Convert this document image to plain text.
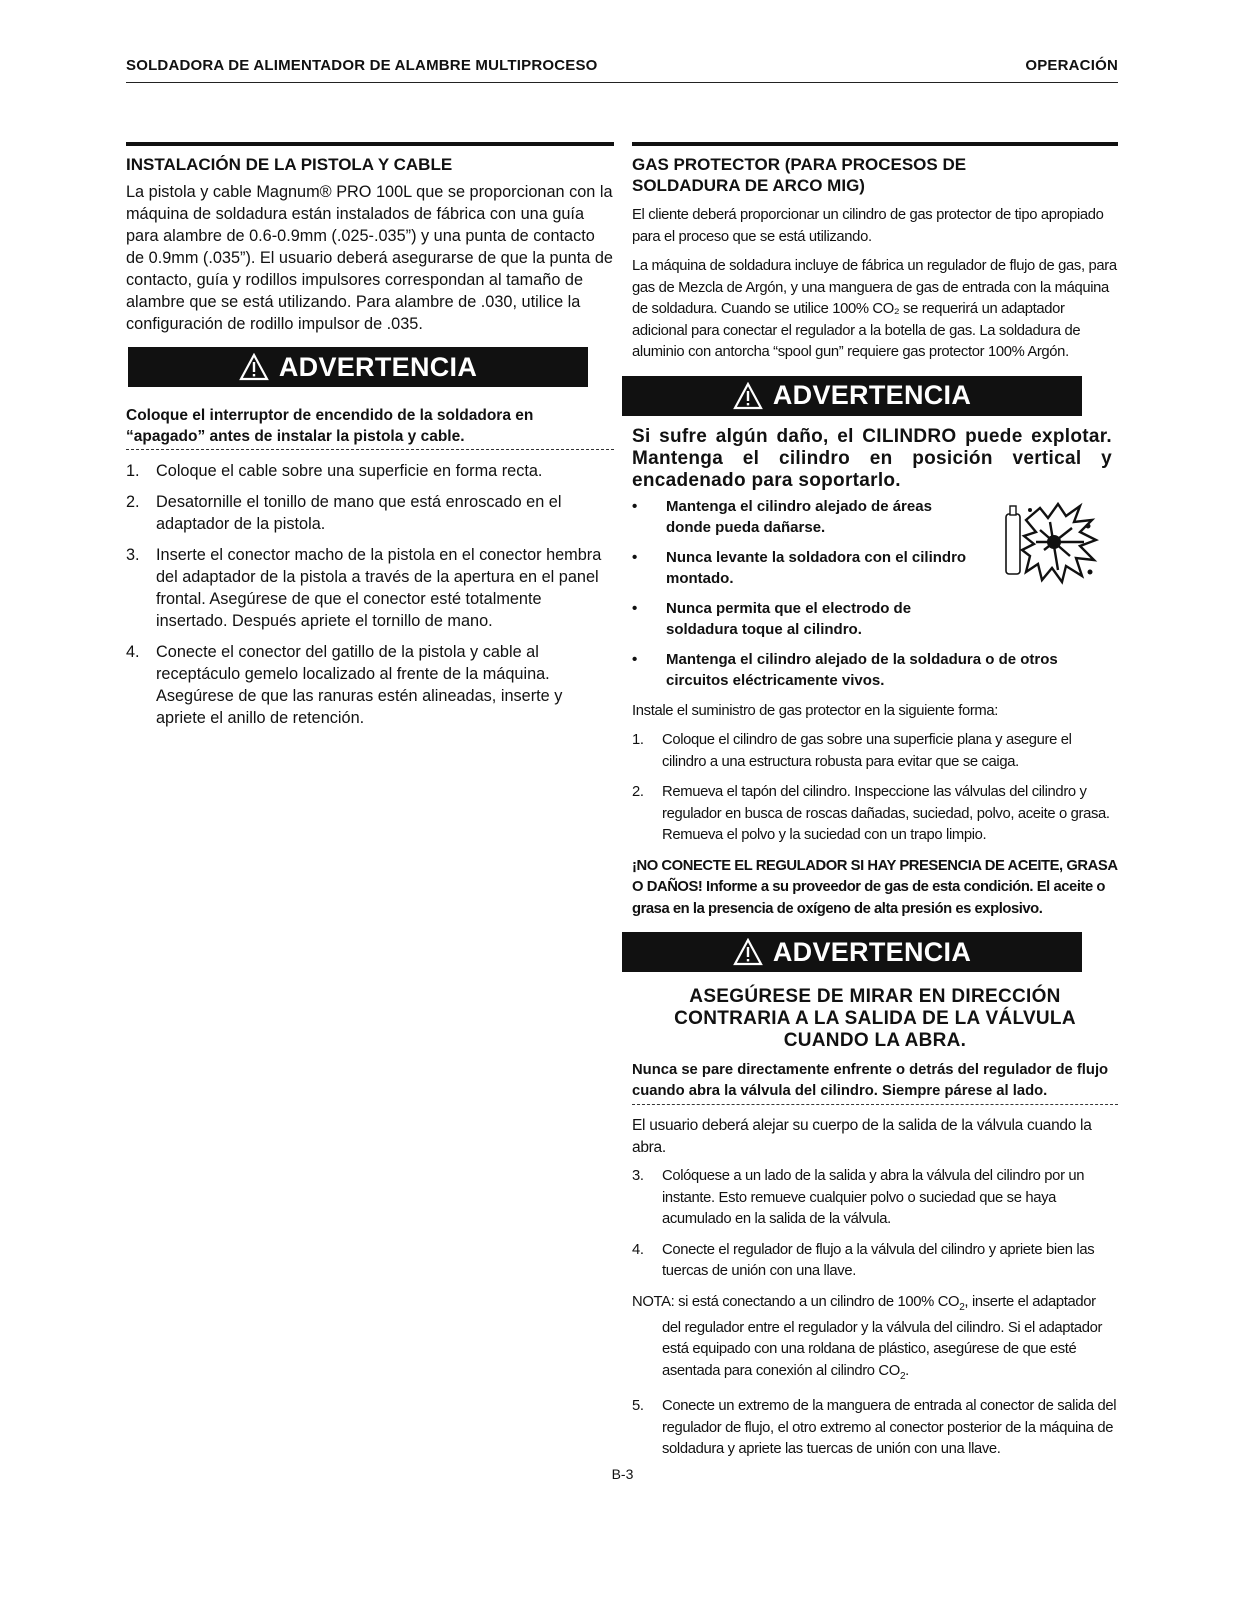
SOLDADORA DE ALIMENTADOR DE ALAMBRE MULTIPROCESO	OPERACIÓN
INSTALACIÓN DE LA PISTOLA Y CABLE

La pistola y cable Magnum® PRO 100L que se proporcionan con la máquina de soldadura están instalados de fábrica con una guía para alambre de 0.6-0.9mm (.025-.035”) y una punta de contacto de 0.9mm (.035”). El usuario deberá asegurarse de que la punta de contacto, guía y rodillos impulsores correspondan al tamaño de alambre que se está utilizando. Para alambre de .030, utilice la configuración de rodillo impulsor de .035.

ADVERTENCIA

Coloque el interruptor de encendido de la soldadora en “apagado” antes de instalar la pistola y cable.

1.	Coloque el cable sobre una superficie en forma recta.
2.	Desatornille el tonillo de mano que está enroscado en el adaptador de la pistola.
3.	Inserte el conector macho de la pistola en el conector hembra del adaptador de la pistola a través de la apertura en el panel frontal. Asegúrese de que el conector esté totalmente insertado. Después apriete el tornillo de mano.
4.	Conecte el conector del gatillo de la pistola y cable al receptáculo gemelo localizado al frente de la máquina. Asegúrese de que las ranuras estén alineadas, inserte y apriete el anillo de retención.
GAS PROTECTOR (PARA PROCESOS DE SOLDADURA DE ARCO MIG)

El cliente deberá proporcionar un cilindro de gas protector de tipo apropiado para el proceso que se está utilizando.

La máquina de soldadura incluye de fábrica un regulador de flujo de gas, para gas de Mezcla de Argón, y una manguera de gas de entrada con la máquina de soldadura. Cuando se utilice 100% CO₂ se requerirá un adaptador adicional para conectar el regulador a la botella de gas. La soldadura de aluminio con antorcha “spool gun” requiere gas protector 100% Argón.

ADVERTENCIA

Si sufre algún daño, el CILINDRO puede explotar. Mantenga el cilindro en posición vertical y encadenado para soportarlo.

•	Mantenga el cilindro alejado de áreas donde pueda dañarse.
•	Nunca levante la soldadora con el cilindro montado.
•	Nunca permita que el electrodo de soldadura toque al cilindro.
•	Mantenga el cilindro alejado de la soldadura o de otros circuitos eléctricamente vivos.

Instale el suministro de gas protector en la siguiente forma:

1.	Coloque el cilindro de gas sobre una superficie plana y asegure el cilindro a una estructura robusta para evitar que se caiga.
2.	Remueva el tapón del cilindro. Inspeccione las válvulas del cilindro y regulador en busca de roscas dañadas, suciedad, polvo, aceite o grasa. Remueva el polvo y la suciedad con un trapo limpio.

¡NO CONECTE EL REGULADOR SI HAY PRESENCIA DE ACEITE, GRASA O DAÑOS! Informe a su proveedor de gas de esta condición. El aceite o grasa en la presencia de oxígeno de alta presión es explosivo.

ADVERTENCIA

ASEGÚRESE DE MIRAR EN DIRECCIÓN CONTRARIA A LA SALIDA DE LA VÁLVULA CUANDO LA ABRA.

Nunca se pare directamente enfrente o detrás del regulador de flujo cuando abra la válvula del cilindro. Siempre párese al lado.

El usuario deberá alejar su cuerpo de la salida de la válvula cuando la abra.

3.	Colóquese a un lado de la salida y abra la válvula del cilindro por un instante. Esto remueve cualquier polvo o suciedad que se haya acumulado en la salida de la válvula.
4.	Conecte el regulador de flujo a la válvula del cilindro y apriete bien las tuercas de unión con una llave.
NOTA: si está conectando a un cilindro de 100% $CO_2$, inserte el adaptador del regulador entre el regulador y la válvula del cilindro. Si el adaptador está equipado con una roldana de plástico, asegúrese de que esté asentada para conexión al cilindro $CO_2$.
5.	Conecte un extremo de la manguera de entrada al conector de salida del regulador de flujo, el otro extremo al conector posterior de la máquina de soldadura y apriete las tuercas de unión con una llave.
B-3
